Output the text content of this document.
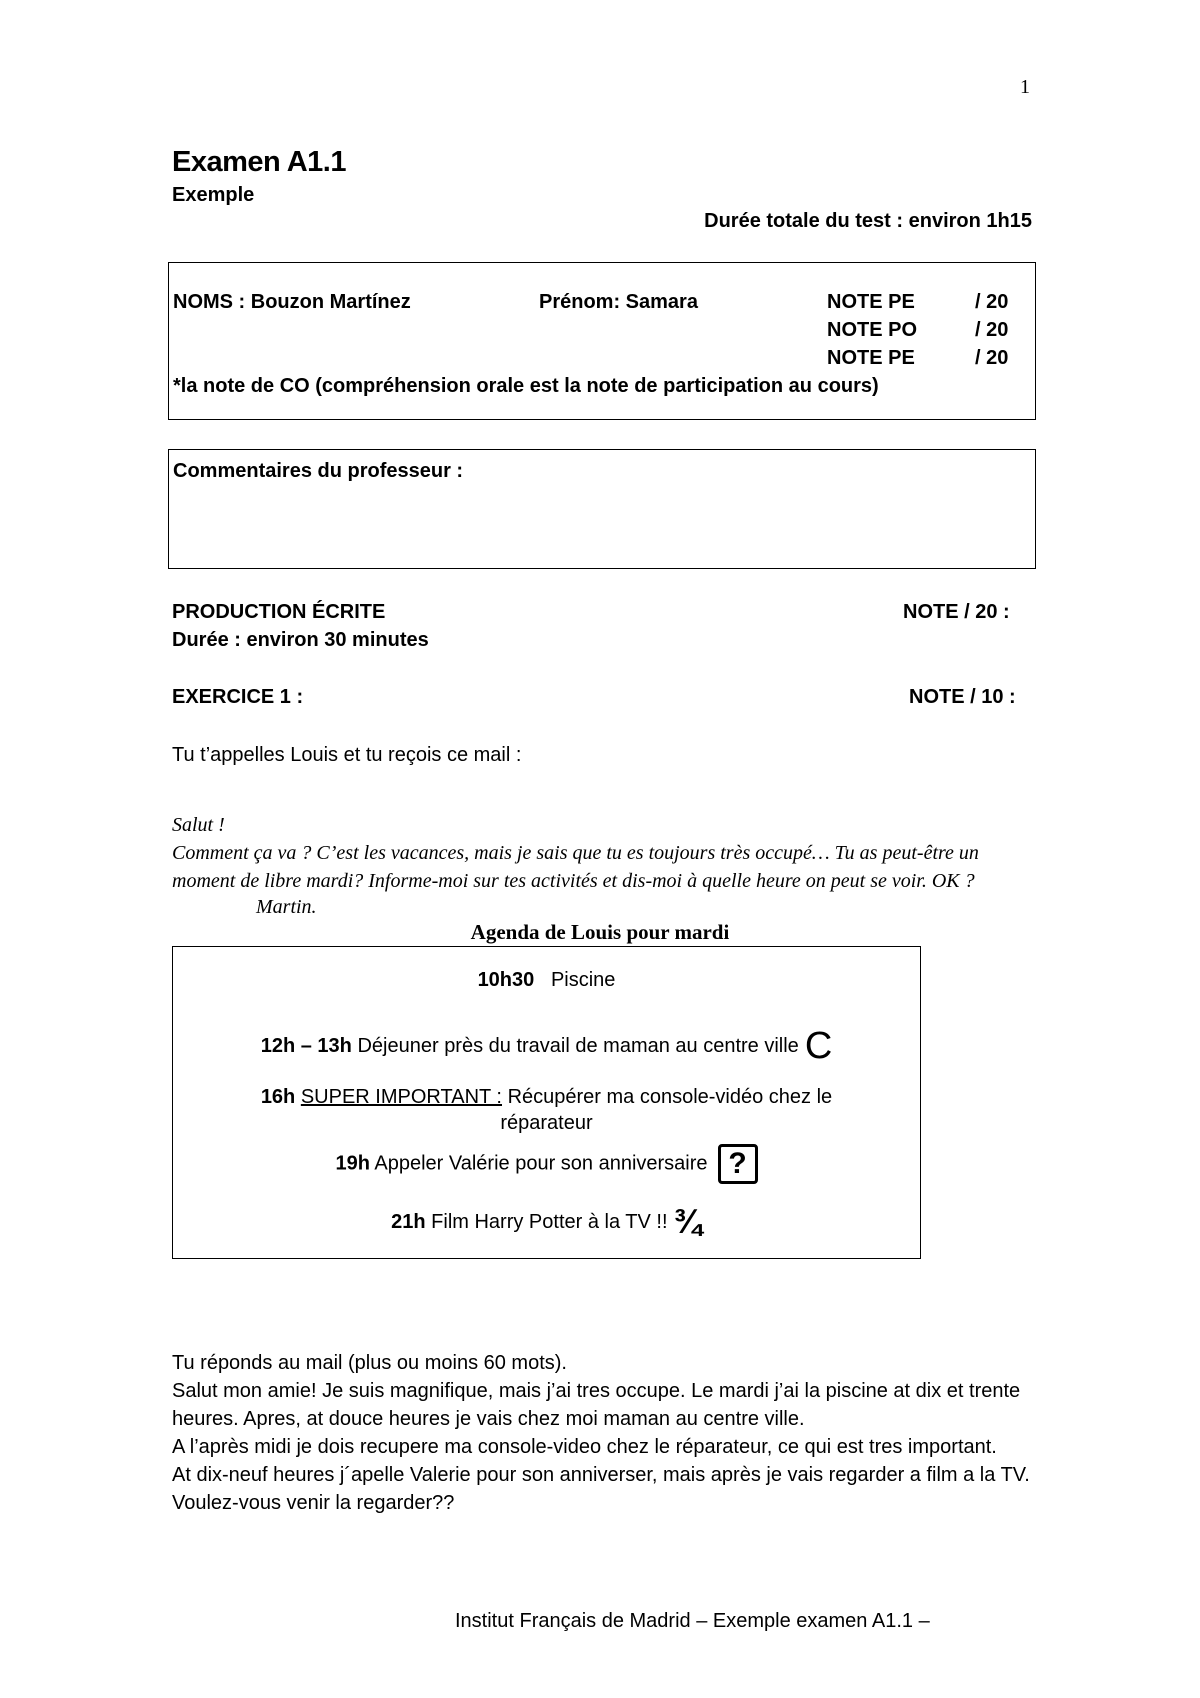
1
Examen A1.1
Exemple
Durée totale du test : environ 1h15
NOMS : Bouzon Martínez	Prénom: Samara	NOTE PE	/ 20
NOTE PO	/ 20
NOTE PE	/ 20
*la note de CO (compréhension orale est la note de participation au cours)
Commentaires du professeur :
PRODUCTION ÉCRITE	NOTE / 20 :
Durée : environ 30 minutes
EXERCICE 1 :	NOTE / 10 :
Tu t’appelles Louis et tu reçois ce mail :
Salut !
Comment ça va ? C’est les vacances, mais je sais que tu es toujours très occupé… Tu as peut-être un
moment de libre mardi? Informe-moi sur tes activités et dis-moi à quelle heure on peut se voir. OK ?
Martin.
Agenda de Louis pour mardi
10h30 Piscine
12h – 13h Déjeuner près du travail de maman au centre ville C
16h SUPER IMPORTANT : Récupérer ma console-vidéo chez le
réparateur
19h Appeler Valérie pour son anniversaire ?
21h Film Harry Potter à la TV !! ¾
Tu réponds au mail (plus ou moins 60 mots).
Salut mon amie! Je suis magnifique, mais j’ai tres occupe. Le mardi j’ai la piscine at dix et trente
heures. Apres, at douce heures je vais chez moi maman au centre ville.
A l’après midi je dois recupere ma console-video chez le réparateur, ce qui est tres important.
At dix-neuf heures j´apelle Valerie pour son anniverser, mais après je vais regarder a film a la TV.
Voulez-vous venir la regarder??
Institut Français de Madrid – Exemple examen A1.1 –
